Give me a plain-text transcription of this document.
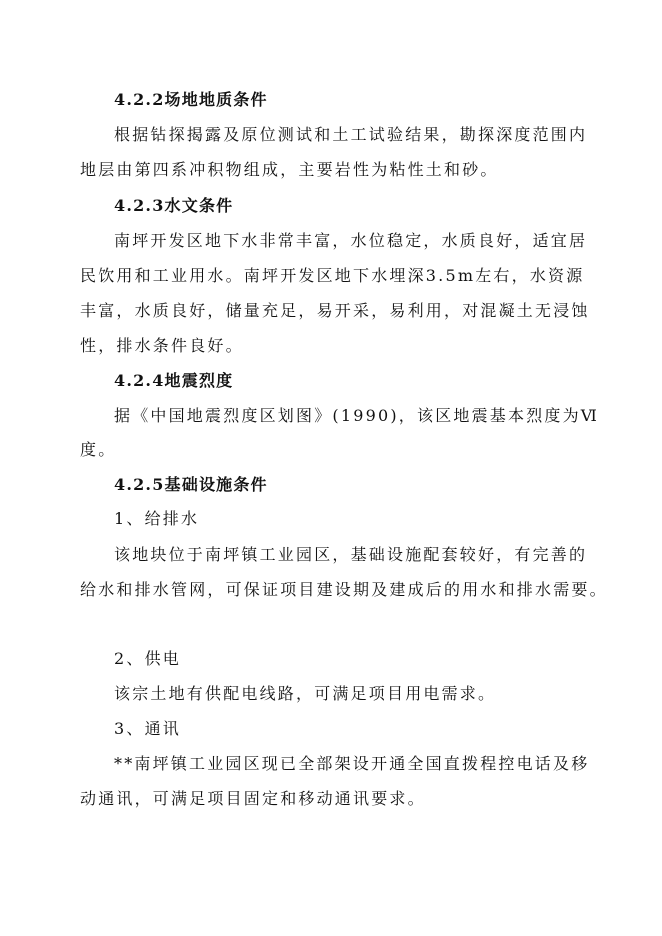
4.2.2场地地质条件
根据钻探揭露及原位测试和土工试验结果，勘探深度范围内
地层由第四系冲积物组成，主要岩性为粘性土和砂。
4.2.3水文条件
南坪开发区地下水非常丰富，水位稳定，水质良好，适宜居
民饮用和工业用水。南坪开发区地下水埋深3.5m左右，水资源
丰富，水质良好，储量充足，易开采，易利用，对混凝土无浸蚀
性，排水条件良好。
4.2.4地震烈度
据《中国地震烈度区划图》(1990)，该区地震基本烈度为Ⅵ
度。
4.2.5基础设施条件
1、给排水
该地块位于南坪镇工业园区，基础设施配套较好，有完善的
给水和排水管网，可保证项目建设期及建成后的用水和排水需要。
2、供电
该宗土地有供配电线路，可满足项目用电需求。
3、通讯
**南坪镇工业园区现已全部架设开通全国直拨程控电话及移
动通讯，可满足项目固定和移动通讯要求。
